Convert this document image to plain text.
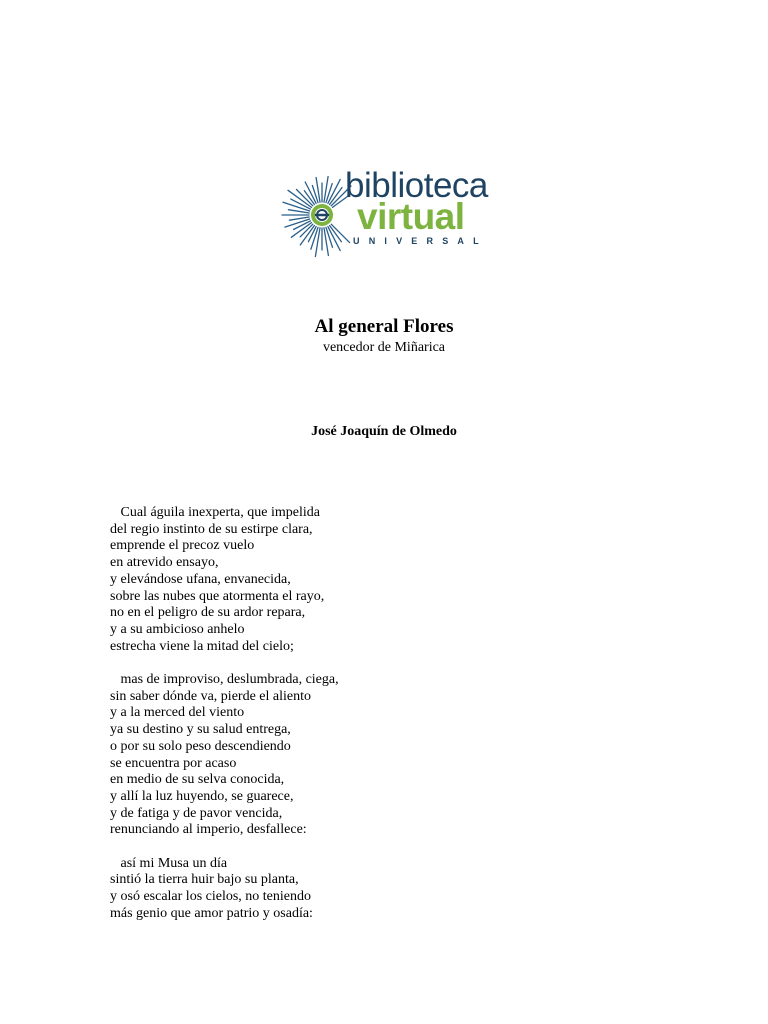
biblioteca
virtual
UNIVERSAL
Al general Flores
vencedor de Miñarica
José Joaquín de Olmedo
Cual águila inexperta, que impelida
del regio instinto de su estirpe clara,
emprende el precoz vuelo
en atrevido ensayo,
y elevándose ufana, envanecida,
sobre las nubes que atormenta el rayo,
no en el peligro de su ardor repara,
y a su ambicioso anhelo
estrecha viene la mitad del cielo;
mas de improviso, deslumbrada, ciega,
sin saber dónde va, pierde el aliento
y a la merced del viento
ya su destino y su salud entrega,
o por su solo peso descendiendo
se encuentra por acaso
en medio de su selva conocida,
y allí la luz huyendo, se guarece,
y de fatiga y de pavor vencida,
renunciando al imperio, desfallece:
así mi Musa un día
sintió la tierra huir bajo su planta,
y osó escalar los cielos, no teniendo
más genio que amor patrio y osadía:
